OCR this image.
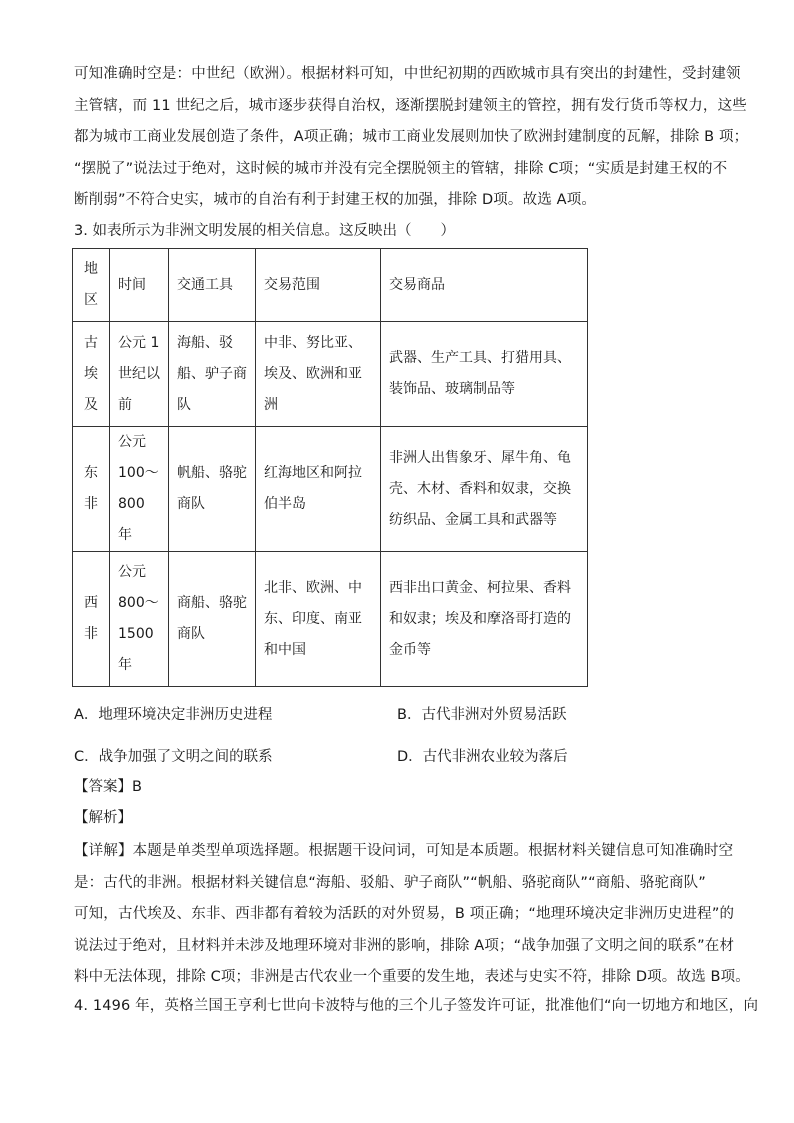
可知准确时空是：中世纪（欧洲）。根据材料可知，中世纪初期的西欧城市具有突出的封建性，受封建领
主管辖，而 11 世纪之后，城市逐步获得自治权，逐渐摆脱封建领主的管控，拥有发行货币等权力，这些
都为城市工商业发展创造了条件，A项正确；城市工商业发展则加快了欧洲封建制度的瓦解，排除 B 项；
“摆脱了”说法过于绝对，这时候的城市并没有完全摆脱领主的管辖，排除 C项；“实质是封建王权的不
断削弱”不符合史实，城市的自治有利于封建王权的加强，排除 D项。故选 A项。
3. 如表所示为非洲文明发展的相关信息。这反映出（　　）
地区	时间	交通工具	交易范围	交易商品
古埃及	公元 1 世纪以前	海船、驳船、驴子商队	中非、努比亚、埃及、欧洲和亚洲	武器、生产工具、打猎用具、装饰品、玻璃制品等
东非	公元 100～800 年	帆船、骆驼商队	红海地区和阿拉伯半岛	非洲人出售象牙、犀牛角、龟壳、木材、香料和奴隶，交换纺织品、金属工具和武器等
西非	公元 800～1500 年	商船、骆驼商队	北非、欧洲、中东、印度、南亚和中国	西非出口黄金、柯拉果、香料和奴隶；埃及和摩洛哥打造的金币等
A．地理环境决定非洲历史进程	B．古代非洲对外贸易活跃
C．战争加强了文明之间的联系	D．古代非洲农业较为落后
【答案】B
【解析】
【详解】本题是单类型单项选择题。根据题干设问词，可知是本质题。根据材料关键信息可知准确时空
是：古代的非洲。根据材料关键信息“海船、驳船、驴子商队”“帆船、骆驼商队”“商船、骆驼商队”
可知，古代埃及、东非、西非都有着较为活跃的对外贸易，B 项正确；“地理环境决定非洲历史进程”的
说法过于绝对，且材料并未涉及地理环境对非洲的影响，排除 A项；“战争加强了文明之间的联系”在材
料中无法体现，排除 C项；非洲是古代农业一个重要的发生地，表述与史实不符，排除 D项。故选 B项。
4. 1496 年，英格兰国王亨利七世向卡波特与他的三个儿子签发许可证，批准他们“向一切地方和地区，向
